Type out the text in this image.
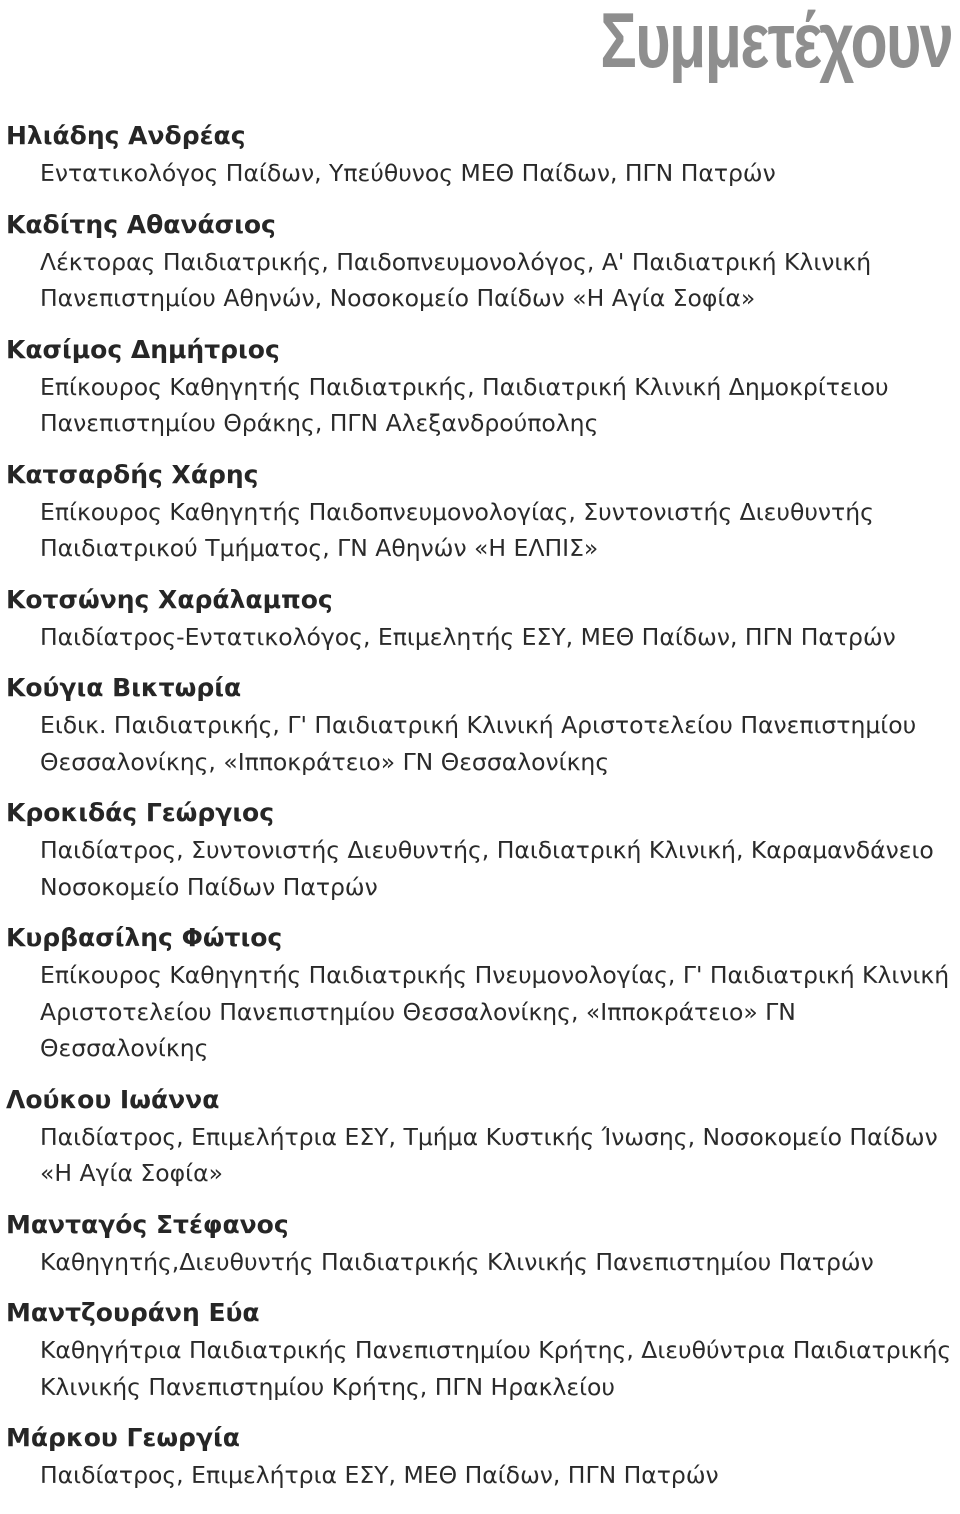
Συμμετέχουν
Ηλιάδης Ανδρέας
Εντατικολόγος Παίδων, Υπεύθυνος ΜΕΘ Παίδων, ΠΓΝ Πατρών
Καδίτης Αθανάσιος
Λέκτορας Παιδιατρικής, Παιδοπνευμονολόγος, Α' Παιδιατρική Κλινική Πανεπιστημίου Αθηνών, Νοσοκομείο Παίδων «Η Αγία Σοφία»
Κασίμος Δημήτριος
Επίκουρος Καθηγητής Παιδιατρικής, Παιδιατρική Κλινική Δημοκρίτειου Πανεπιστημίου Θράκης, ΠΓΝ Αλεξανδρούπολης
Κατσαρδής Χάρης
Επίκουρος Καθηγητής Παιδοπνευμονολογίας, Συντονιστής Διευθυντής Παιδιατρικού Τμήματος, ΓΝ Αθηνών «Η ΕΛΠΙΣ»
Κοτσώνης Χαράλαμπος
Παιδίατρος-Εντατικολόγος, Επιμελητής ΕΣΥ, ΜΕΘ Παίδων, ΠΓΝ Πατρών
Κούγια Βικτωρία
Ειδικ. Παιδιατρικής, Γ' Παιδιατρική Κλινική Αριστοτελείου Πανεπιστημίου Θεσσαλονίκης, «Ιπποκράτειο» ΓΝ Θεσσαλονίκης
Κροκιδάς Γεώργιος
Παιδίατρος, Συντονιστής Διευθυντής, Παιδιατρική Κλινική, Καραμανδάνειο Νοσοκομείο Παίδων Πατρών
Κυρβασίλης Φώτιος
Επίκουρος Καθηγητής Παιδιατρικής Πνευμονολογίας, Γ' Παιδιατρική Κλινική Αριστοτελείου Πανεπιστημίου Θεσσαλονίκης, «Ιπποκράτειο» ΓΝ Θεσσαλονίκης
Λούκου Ιωάννα
Παιδίατρος, Επιμελήτρια ΕΣΥ, Τμήμα Κυστικής Ίνωσης, Νοσοκομείο Παίδων «Η Αγία Σοφία»
Μανταγός Στέφανος
Καθηγητής,Διευθυντής Παιδιατρικής Κλινικής Πανεπιστημίου Πατρών
Μαντζουράνη Εύα
Καθηγήτρια Παιδιατρικής Πανεπιστημίου Κρήτης, Διευθύντρια Παιδιατρικής Κλινικής Πανεπιστημίου Κρήτης, ΠΓΝ Ηρακλείου
Μάρκου Γεωργία
Παιδίατρος, Επιμελήτρια ΕΣΥ, ΜΕΘ Παίδων, ΠΓΝ Πατρών
